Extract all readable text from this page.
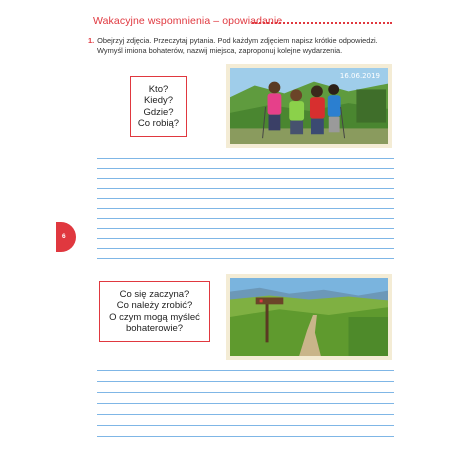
Wakacyjne wspomnienia – opowiadanie
1. Obejrzyj zdjęcia. Przeczytaj pytania. Pod każdym zdjęciem napisz krótkie odpowiedzi.
Wymyśl imiona bohaterów, nazwij miejsca, zaproponuj kolejne wydarzenia.
Kto?
Kiedy?
Gdzie?
Co robią?
16.06.2019
6
Co się zaczyna?
Co należy zrobić?
O czym mogą myśleć
bohaterowie?
